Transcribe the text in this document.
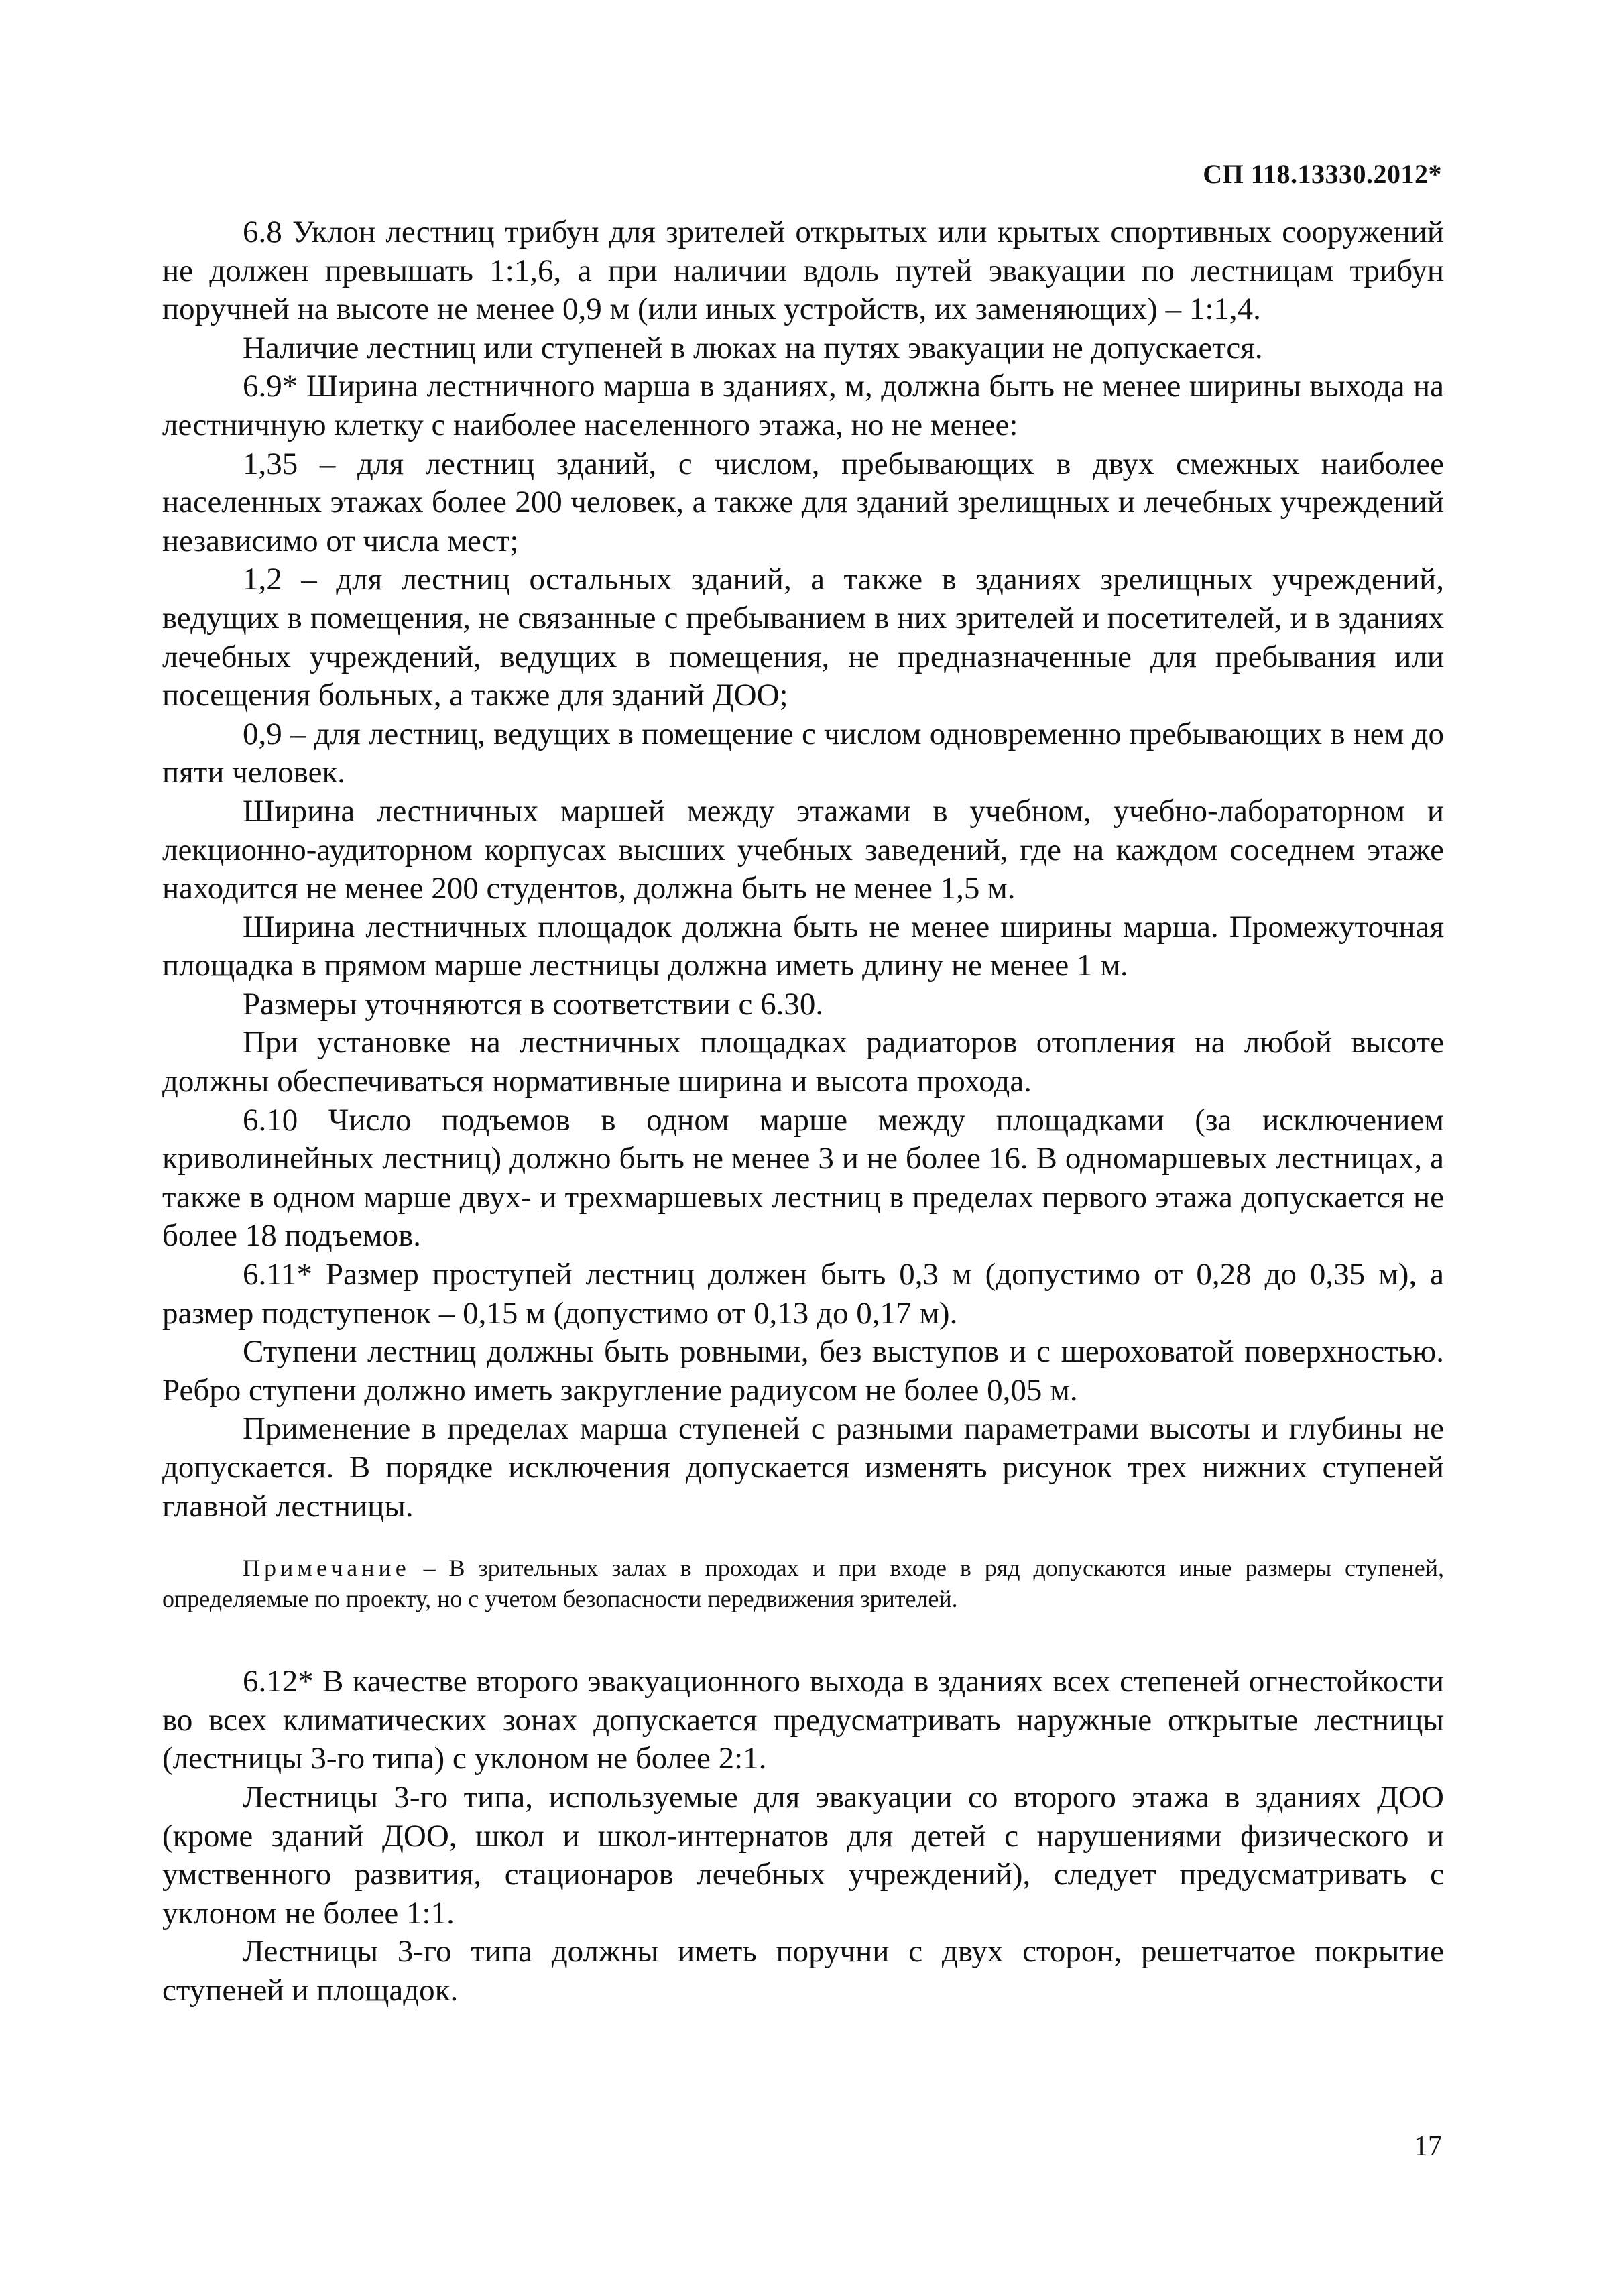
СП 118.13330.2012*

6.8 Уклон лестниц трибун для зрителей открытых или крытых спортивных сооружений не должен превышать 1:1,6, а при наличии вдоль путей эвакуации по лестницам трибун поручней на высоте не менее 0,9 м (или иных устройств, их заменяющих) – 1:1,4.

Наличие лестниц или ступеней в люках на путях эвакуации не допускается.

6.9* Ширина лестничного марша в зданиях, м, должна быть не менее ширины выхода на лестничную клетку с наиболее населенного этажа, но не менее:

1,35 – для лестниц зданий, с числом, пребывающих в двух смежных наиболее населенных этажах более 200 человек, а также для зданий зрелищных и лечебных учреждений независимо от числа мест;

1,2 – для лестниц остальных зданий, а также в зданиях зрелищных учреждений, ведущих в помещения, не связанные с пребыванием в них зрителей и посетителей, и в зданиях лечебных учреждений, ведущих в помещения, не предназначенные для пребывания или посещения больных, а также для зданий ДОО;

0,9 – для лестниц, ведущих в помещение с числом одновременно пребывающих в нем до пяти человек.

Ширина лестничных маршей между этажами в учебном, учебно-лабораторном и лекционно-аудиторном корпусах высших учебных заведений, где на каждом соседнем этаже находится не менее 200 студентов, должна быть не менее 1,5 м.

Ширина лестничных площадок должна быть не менее ширины марша. Промежуточная площадка в прямом марше лестницы должна иметь длину не менее 1 м.

Размеры уточняются в соответствии с 6.30.

При установке на лестничных площадках радиаторов отопления на любой высоте должны обеспечиваться нормативные ширина и высота прохода.

6.10 Число подъемов в одном марше между площадками (за исключением криволинейных лестниц) должно быть не менее 3 и не более 16. В одномаршевых лестницах, а также в одном марше двух- и трехмаршевых лестниц в пределах первого этажа допускается не более 18 подъемов.

6.11* Размер проступей лестниц должен быть 0,3 м (допустимо от 0,28 до 0,35 м), а размер подступенок – 0,15 м (допустимо от 0,13 до 0,17 м).

Ступени лестниц должны быть ровными, без выступов и с шероховатой поверхностью. Ребро ступени должно иметь закругление радиусом не более 0,05 м.

Применение в пределах марша ступеней с разными параметрами высоты и глубины не допускается. В порядке исключения допускается изменять рисунок трех нижних ступеней главной лестницы.

Примечание – В зрительных залах в проходах и при входе в ряд допускаются иные размеры ступеней, определяемые по проекту, но с учетом безопасности передвижения зрителей.

6.12* В качестве второго эвакуационного выхода в зданиях всех степеней огнестойкости во всех климатических зонах допускается предусматривать наружные открытые лестницы (лестницы 3-го типа) с уклоном не более 2:1.

Лестницы 3-го типа, используемые для эвакуации со второго этажа в зданиях ДОО (кроме зданий ДОО, школ и школ-интернатов для детей с нарушениями физического и умственного развития, стационаров лечебных учреждений), следует предусматривать с уклоном не более 1:1.

Лестницы 3-го типа должны иметь поручни с двух сторон, решетчатое покрытие ступеней и площадок.

17
